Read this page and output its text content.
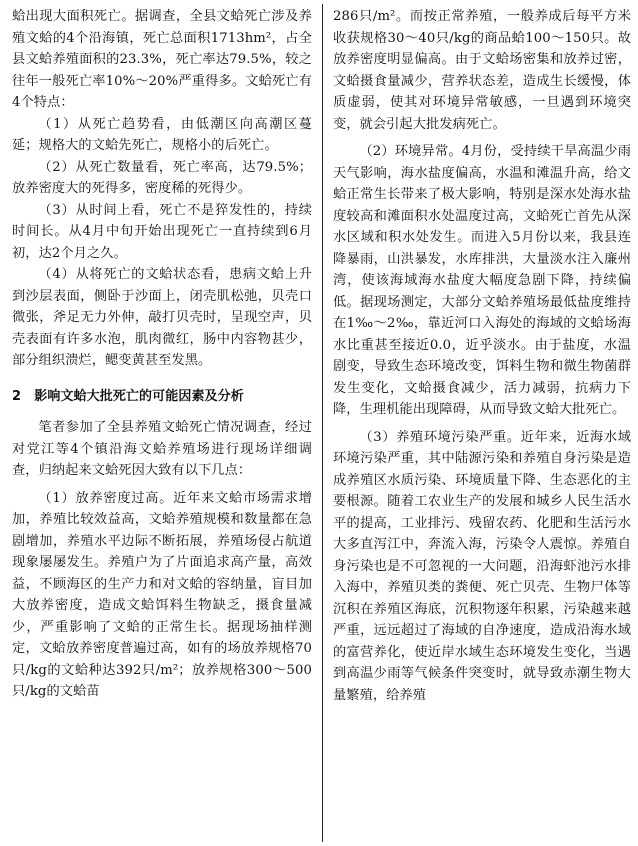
蛤出现大面积死亡。据调查，全县文蛤死亡涉及养殖文蛤的4个沿海镇，死亡总面积1713hm²，占全县文蛤养殖面积的23.3%，死亡率达79.5%，较之往年一般死亡率10%～20%严重得多。文蛤死亡有4个特点：

（1）从死亡趋势看，由低潮区向高潮区蔓延；规格大的文蛤先死亡，规格小的后死亡。

（2）从死亡数量看，死亡率高，达79.5%；放养密度大的死得多，密度稀的死得少。

（3）从时间上看，死亡不是猝发性的，持续时间长。从4月中旬开始出现死亡一直持续到6月初，达2个月之久。

（4）从将死亡的文蛤状态看，患病文蛤上升到沙层表面，侧卧于沙面上，闭壳肌松弛，贝壳口微张，斧足无力外伸，敲打贝壳时，呈现空声，贝壳表面有许多水泡，肌肉微红，肠中内容物甚少，部分组织溃烂，鳃变黄甚至发黑。

2　影响文蛤大批死亡的可能因素及分析

笔者参加了全县养殖文蛤死亡情况调查，经过对党江等4个镇沿海文蛤养殖场进行现场详细调查，归纳起来文蛤死因大致有以下几点：

（1）放养密度过高。近年来文蛤市场需求增加，养殖比较效益高，文蛤养殖规模和数量都在急剧增加，养殖水平边际不断拓展，养殖场侵占航道现象屡屡发生。养殖户为了片面追求高产量，高效益，不顾海区的生产力和对文蛤的容纳量，盲目加大放养密度，造成文蛤饵料生物缺乏，摄食量减少，严重影响了文蛤的正常生长。据现场抽样测定，文蛤放养密度普遍过高，如有的场放养规格70只/kg的文蛤种达392只/m²；放养规格300～500只/kg的文蛤苗

286只/m²。而按正常养殖，一般养成后每平方米收获规格30～40只/kg的商品蛤100～150只。故放养密度明显偏高。由于文蛤场密集和放养过密，文蛤摄食量减少，营养状态差，造成生长缓慢，体质虚弱，使其对环境异常敏感，一旦遇到环境突变，就会引起大批发病死亡。

（2）环境异常。4月份，受持续干旱高温少雨天气影响，海水盐度偏高，水温和滩温升高，给文蛤正常生长带来了极大影响，特别是深水处海水盐度较高和滩面积水处温度过高，文蛤死亡首先从深水区域和积水处发生。而进入5月份以来，我县连降暴雨，山洪暴发，水库排洪，大量淡水注入廉州湾，使该海域海水盐度大幅度急剧下降，持续偏低。据现场测定，大部分文蛤养殖场最低盐度维持在1‰～2‰，靠近河口入海处的海域的文蛤场海水比重甚至接近0.0，近乎淡水。由于盐度，水温剧变，导致生态环境改变，饵料生物和微生物菌群发生变化，文蛤摄食减少，活力减弱，抗病力下降，生理机能出现障碍，从而导致文蛤大批死亡。

（3）养殖环境污染严重。近年来，近海水域环境污染严重，其中陆源污染和养殖自身污染是造成养殖区水质污染、环境质量下降、生态恶化的主要根源。随着工农业生产的发展和城乡人民生活水平的提高，工业排污、残留农药、化肥和生活污水大多直泻江中，奔流入海，污染令人震惊。养殖自身污染也是不可忽视的一大问题，沿海虾池污水排入海中，养殖贝类的粪便、死亡贝壳、生物尸体等沉积在养殖区海底，沉积物逐年积累，污染越来越严重，远远超过了海域的自净速度，造成沿海水域的富营养化，使近岸水域生态环境发生变化，当遇到高温少雨等气候条件突变时，就导致赤潮生物大量繁殖，给养殖
